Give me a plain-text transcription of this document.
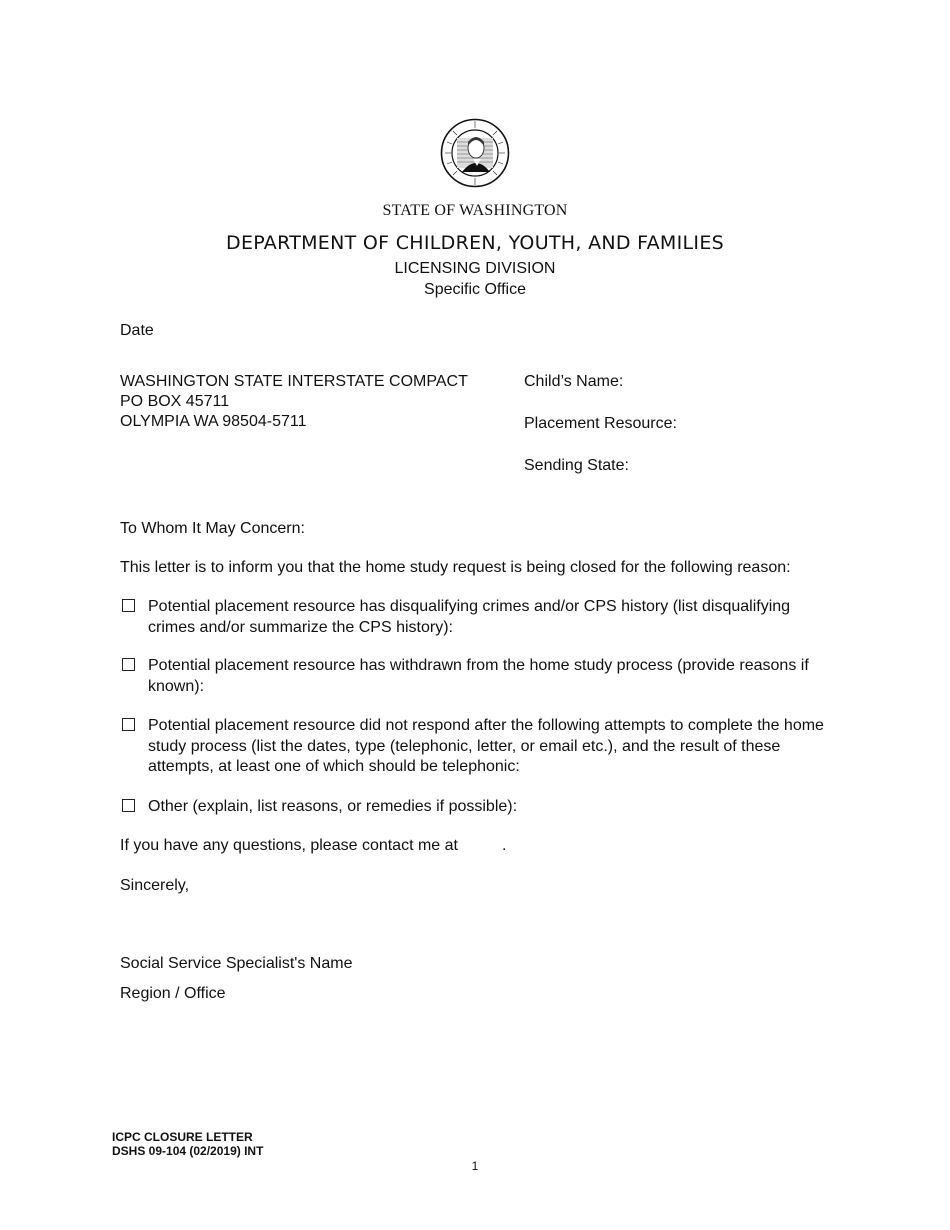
STATE OF WASHINGTON
DEPARTMENT OF CHILDREN, YOUTH, AND FAMILIES
LICENSING DIVISION
Specific Office
Date
WASHINGTON STATE INTERSTATE COMPACT
PO BOX 45711
OLYMPIA WA 98504-5711
Child’s Name:
Placement Resource:
Sending State:
To Whom It May Concern:
This letter is to inform you that the home study request is being closed for the following reason:
Potential placement resource has disqualifying crimes and/or CPS history (list disqualifying crimes and/or summarize the CPS history):
Potential placement resource has withdrawn from the home study process (provide reasons if known):
Potential placement resource did not respond after the following attempts to complete the home study process (list the dates, type (telephonic, letter, or email etc.), and the result of these attempts, at least one of which should be telephonic:
Other (explain, list reasons, or remedies if possible):
If you have any questions, please contact me at	.
Sincerely,
Social Service Specialist's Name
Region / Office
ICPC CLOSURE LETTER
DSHS 09-104 (02/2019) INT
1
